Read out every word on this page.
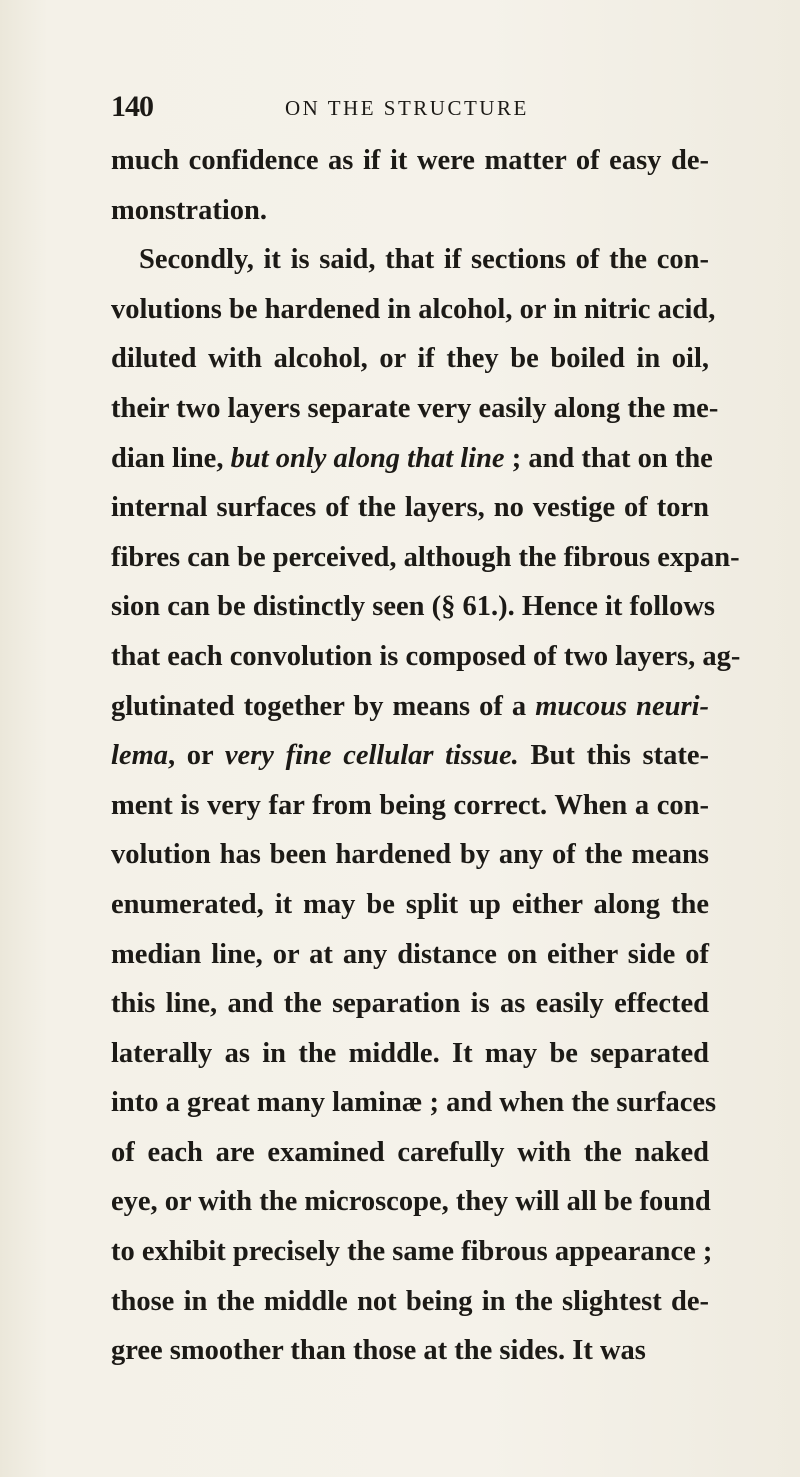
140	ON THE STRUCTURE
much confidence as if it were matter of easy de-
monstration.
Secondly, it is said, that if sections of the con-
volutions be hardened in alcohol, or in nitric acid,
diluted with alcohol, or if they be boiled in oil,
their two layers separate very easily along the me-
dian line, but only along that line ; and that on the
internal surfaces of the layers, no vestige of torn
fibres can be perceived, although the fibrous expan-
sion can be distinctly seen (§ 61.). Hence it follows
that each convolution is composed of two layers, ag-
glutinated together by means of a mucous neuri-
lema, or very fine cellular tissue. But this state-
ment is very far from being correct. When a con-
volution has been hardened by any of the means
enumerated, it may be split up either along the
median line, or at any distance on either side of
this line, and the separation is as easily effected
laterally as in the middle. It may be separated
into a great many laminæ ; and when the surfaces
of each are examined carefully with the naked
eye, or with the microscope, they will all be found
to exhibit precisely the same fibrous appearance ;
those in the middle not being in the slightest de-
gree smoother than those at the sides. It was
